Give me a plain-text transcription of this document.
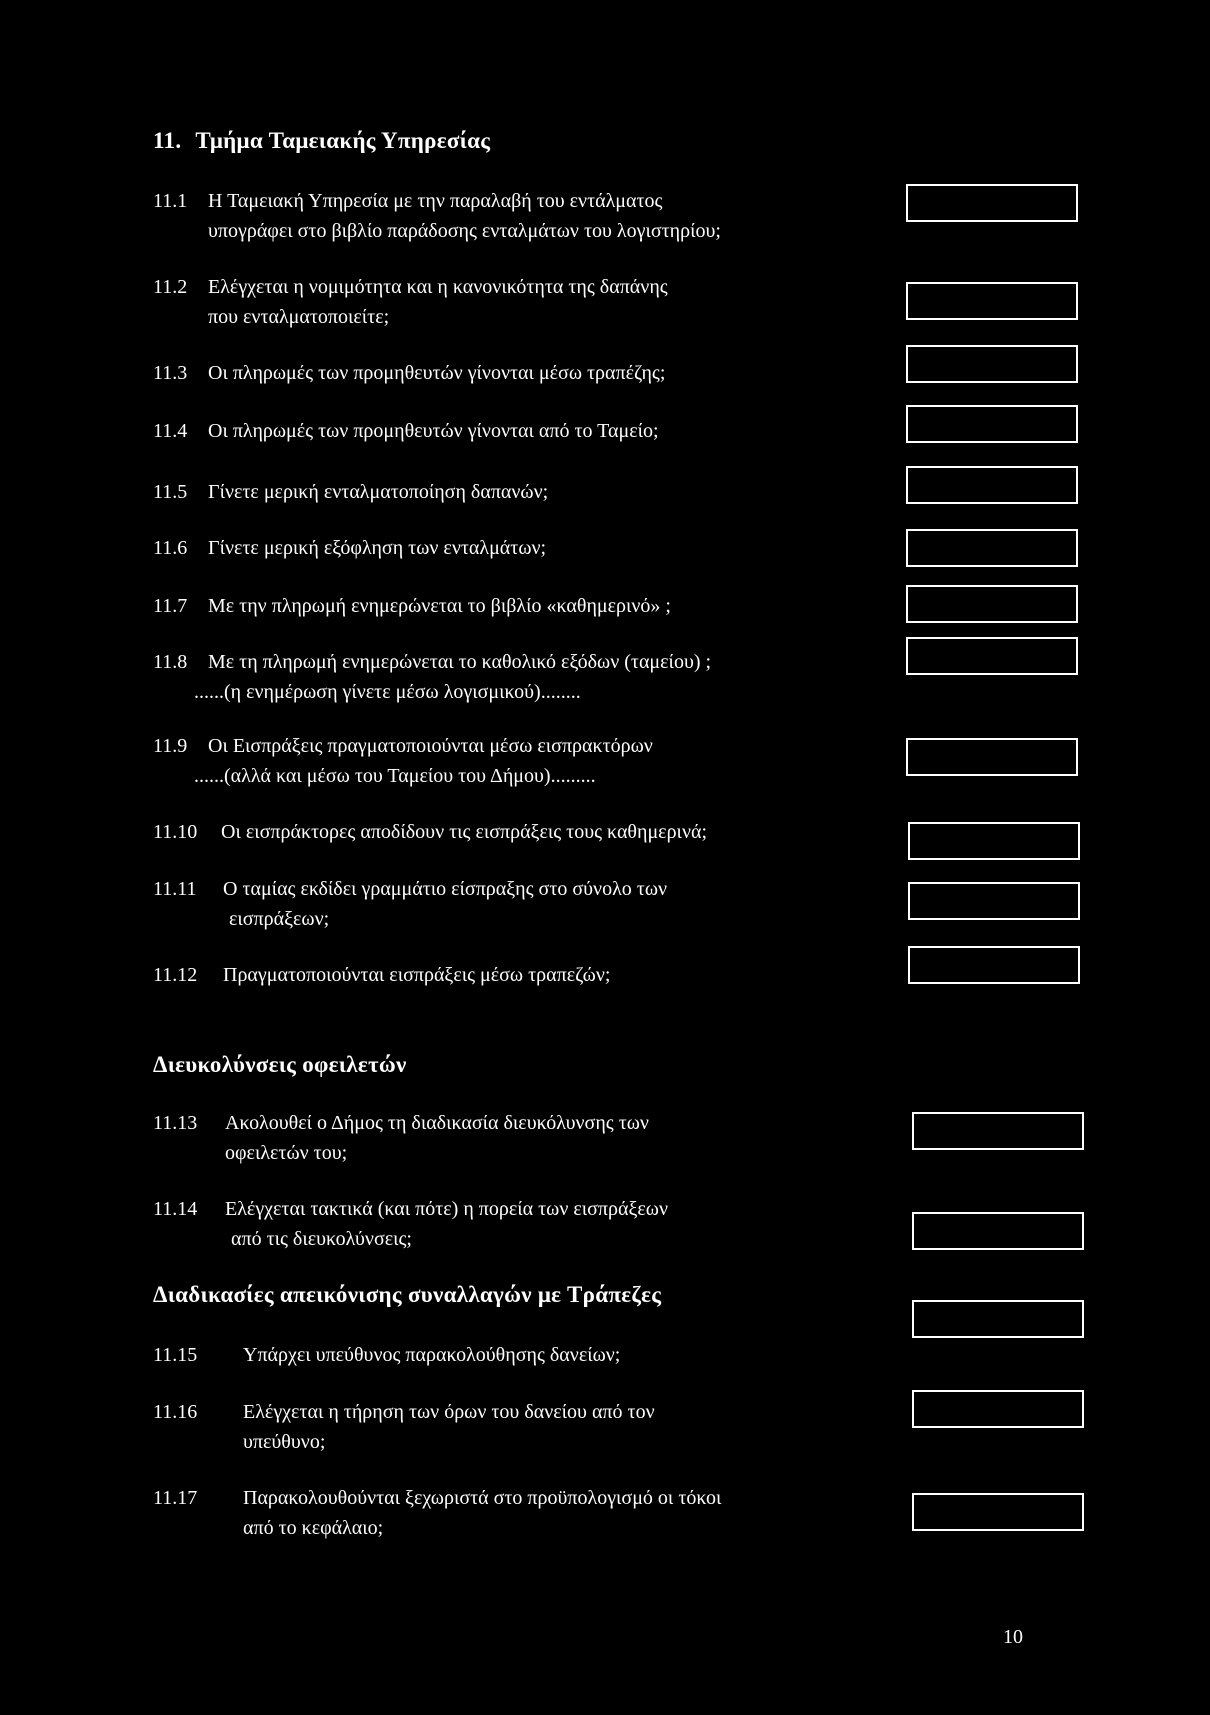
11. Τμήμα Ταμειακής Υπηρεσίας
11.1 Η Ταμειακή Υπηρεσία με την παραλαβή του εντάλματος
υπογράφει στο βιβλίο παράδοσης ενταλμάτων του λογιστηρίου;
11.2 Ελέγχεται η νομιμότητα και η κανονικότητα της δαπάνης
που ενταλματοποιείτε;
11.3 Οι πληρωμές των προμηθευτών γίνονται μέσω τραπέζης;
11.4 Οι πληρωμές των προμηθευτών γίνονται από το Ταμείο;
11.5 Γίνετε μερική ενταλματοποίηση δαπανών;
11.6 Γίνετε μερική εξόφληση των ενταλμάτων;
11.7 Με την πληρωμή ενημερώνεται το βιβλίο «καθημερινό» ;
11.8 Με τη πληρωμή ενημερώνεται το καθολικό εξόδων (ταμείου) ;
......(η ενημέρωση γίνετε μέσω λογισμικού)........
11.9 Οι Εισπράξεις πραγματοποιούνται μέσω εισπρακτόρων
......(αλλά και μέσω του Ταμείου του Δήμου).........
11.10 Οι εισπράκτορες αποδίδουν τις εισπράξεις τους καθημερινά;
11.11 Ο ταμίας εκδίδει γραμμάτιο είσπραξης στο σύνολο των
εισπράξεων;
11.12 Πραγματοποιούνται εισπράξεις μέσω τραπεζών;
Διευκολύνσεις οφειλετών
11.13 Ακολουθεί ο Δήμος τη διαδικασία διευκόλυνσης των
οφειλετών του;
11.14 Ελέγχεται τακτικά (και πότε) η πορεία των εισπράξεων
από τις διευκολύνσεις;
Διαδικασίες απεικόνισης συναλλαγών με Τράπεζες
11.15 Υπάρχει υπεύθυνος παρακολούθησης δανείων;
11.16 Ελέγχεται η τήρηση των όρων του δανείου από τον
υπεύθυνο;
11.17 Παρακολουθούνται ξεχωριστά στο προϋπολογισμό οι τόκοι
από το κεφάλαιο;
10
